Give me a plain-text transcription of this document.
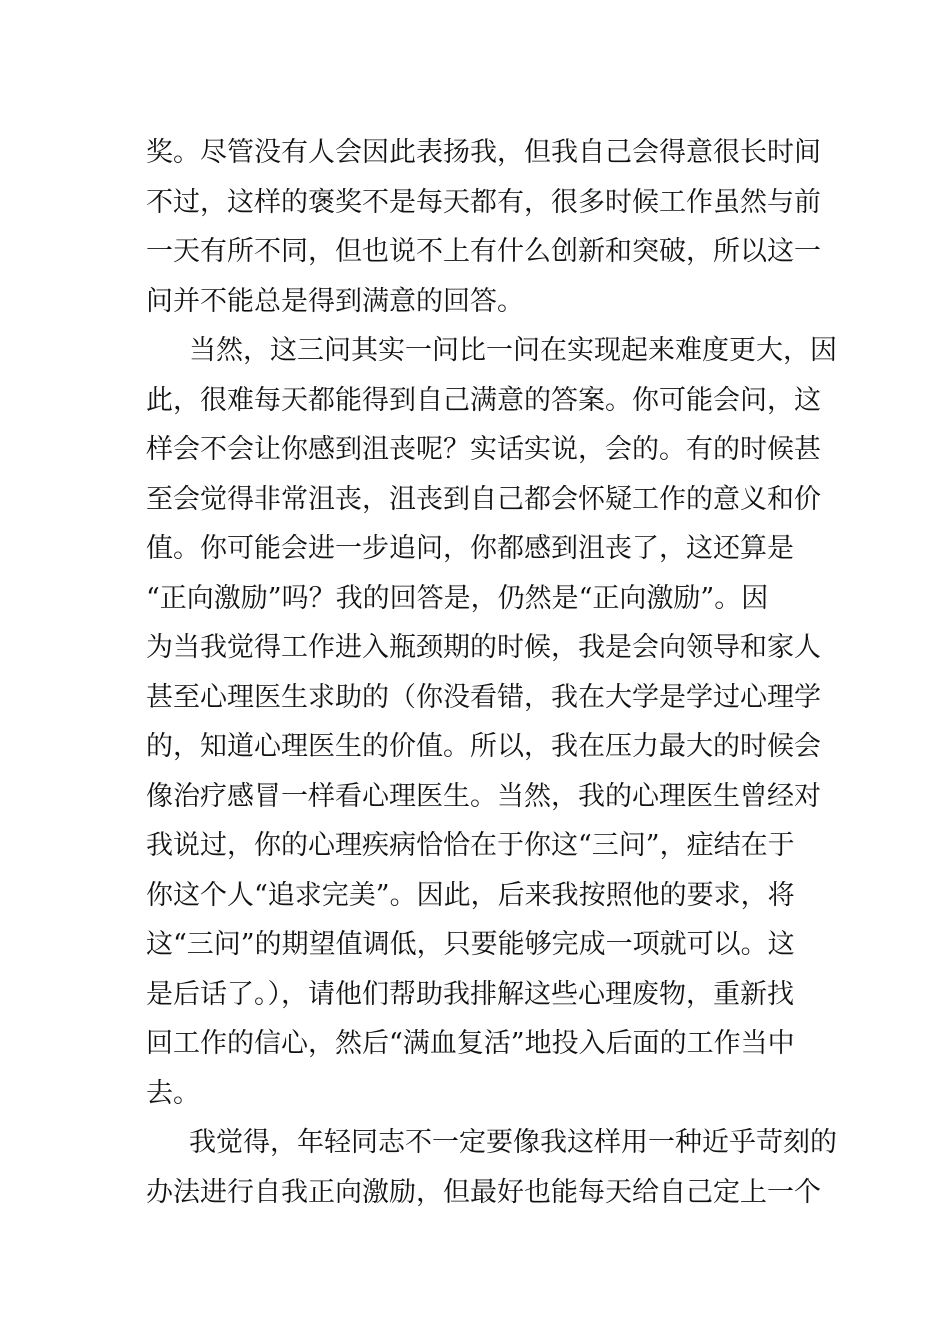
奖。尽管没有人会因此表扬我，但我自己会得意很长时间
不过，这样的褒奖不是每天都有，很多时候工作虽然与前
一天有所不同，但也说不上有什么创新和突破，所以这一
问并不能总是得到满意的回答。
当然，这三问其实一问比一问在实现起来难度更大，因
此，很难每天都能得到自己满意的答案。你可能会问，这
样会不会让你感到沮丧呢？实话实说，会的。有的时候甚
至会觉得非常沮丧，沮丧到自己都会怀疑工作的意义和价
值。你可能会进一步追问，你都感到沮丧了，这还算是
“正向激励”吗？我的回答是，仍然是“正向激励”。因
为当我觉得工作进入瓶颈期的时候，我是会向领导和家人
甚至心理医生求助的（你没看错，我在大学是学过心理学
的，知道心理医生的价值。所以，我在压力最大的时候会
像治疗感冒一样看心理医生。当然，我的心理医生曾经对
我说过，你的心理疾病恰恰在于你这“三问”，症结在于
你这个人“追求完美”。因此，后来我按照他的要求，将
这“三问”的期望值调低，只要能够完成一项就可以。这
是后话了。），请他们帮助我排解这些心理废物，重新找
回工作的信心，然后“满血复活”地投入后面的工作当中
去。
我觉得，年轻同志不一定要像我这样用一种近乎苛刻的
办法进行自我正向激励，但最好也能每天给自己定上一个
